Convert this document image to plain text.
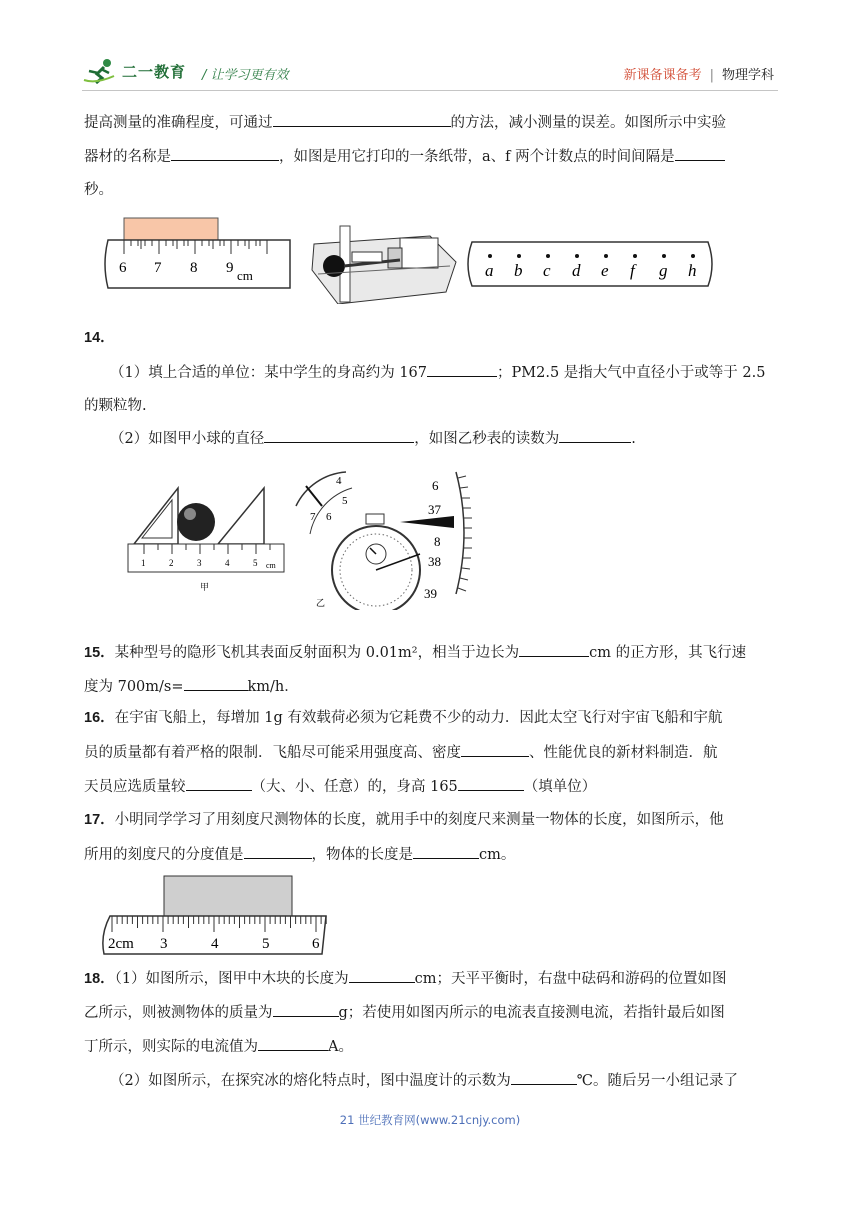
二一教育 / 让学习更有效	新课备课备考 | 物理学科
提高测量的准确程度，可通过	的方法，减小测量的误差。如图所示中实验
器材的名称是	，如图是用它打印的一条纸带，a、f 两个计数点的时间间隔是
秒。
6 7 8 9 cm	a b c d e f g h
14．
（1）填上合适的单位：某中学生的身高约为 167	；PM2.5 是指大气中直径小于或等于 2.5
的颗粒物.
（2）如图甲小球的直径	，如图乙秒表的读数为	.
1	2	3	4	5 cm
甲
4
5
6
7
乙
6
37
8
38
39
15．某种型号的隐形飞机其表面反射面积为 0.01m²，相当于边长为	cm 的正方形，其飞行速
度为 700m/s=	km/h．
16．在宇宙飞船上，每增加 1g 有效载荷必须为它耗费不少的动力．因此太空飞行对宇宙飞船和宇航
员的质量都有着严格的限制．飞船尽可能采用强度高、密度	、性能优良的新材料制造．航
天员应选质量较	（大、小、任意）的，身高 165	（填单位）
17．小明同学学习了用刻度尺测物体的长度，就用手中的刻度尺来测量一物体的长度，如图所示，他
所用的刻度尺的分度值是	，物体的长度是	cm。
2cm 3	4	5	6
18．（1）如图所示，图甲中木块的长度为	cm；天平平衡时，右盘中砝码和游码的位置如图
乙所示，则被测物体的质量为	g；若使用如图丙所示的电流表直接测电流，若指针最后如图
丁所示，则实际的电流值为	A。
（2）如图所示，在探究冰的熔化特点时，图中温度计的示数为	℃。随后另一小组记录了
21 世纪教育网(www.21cnjy.com)
